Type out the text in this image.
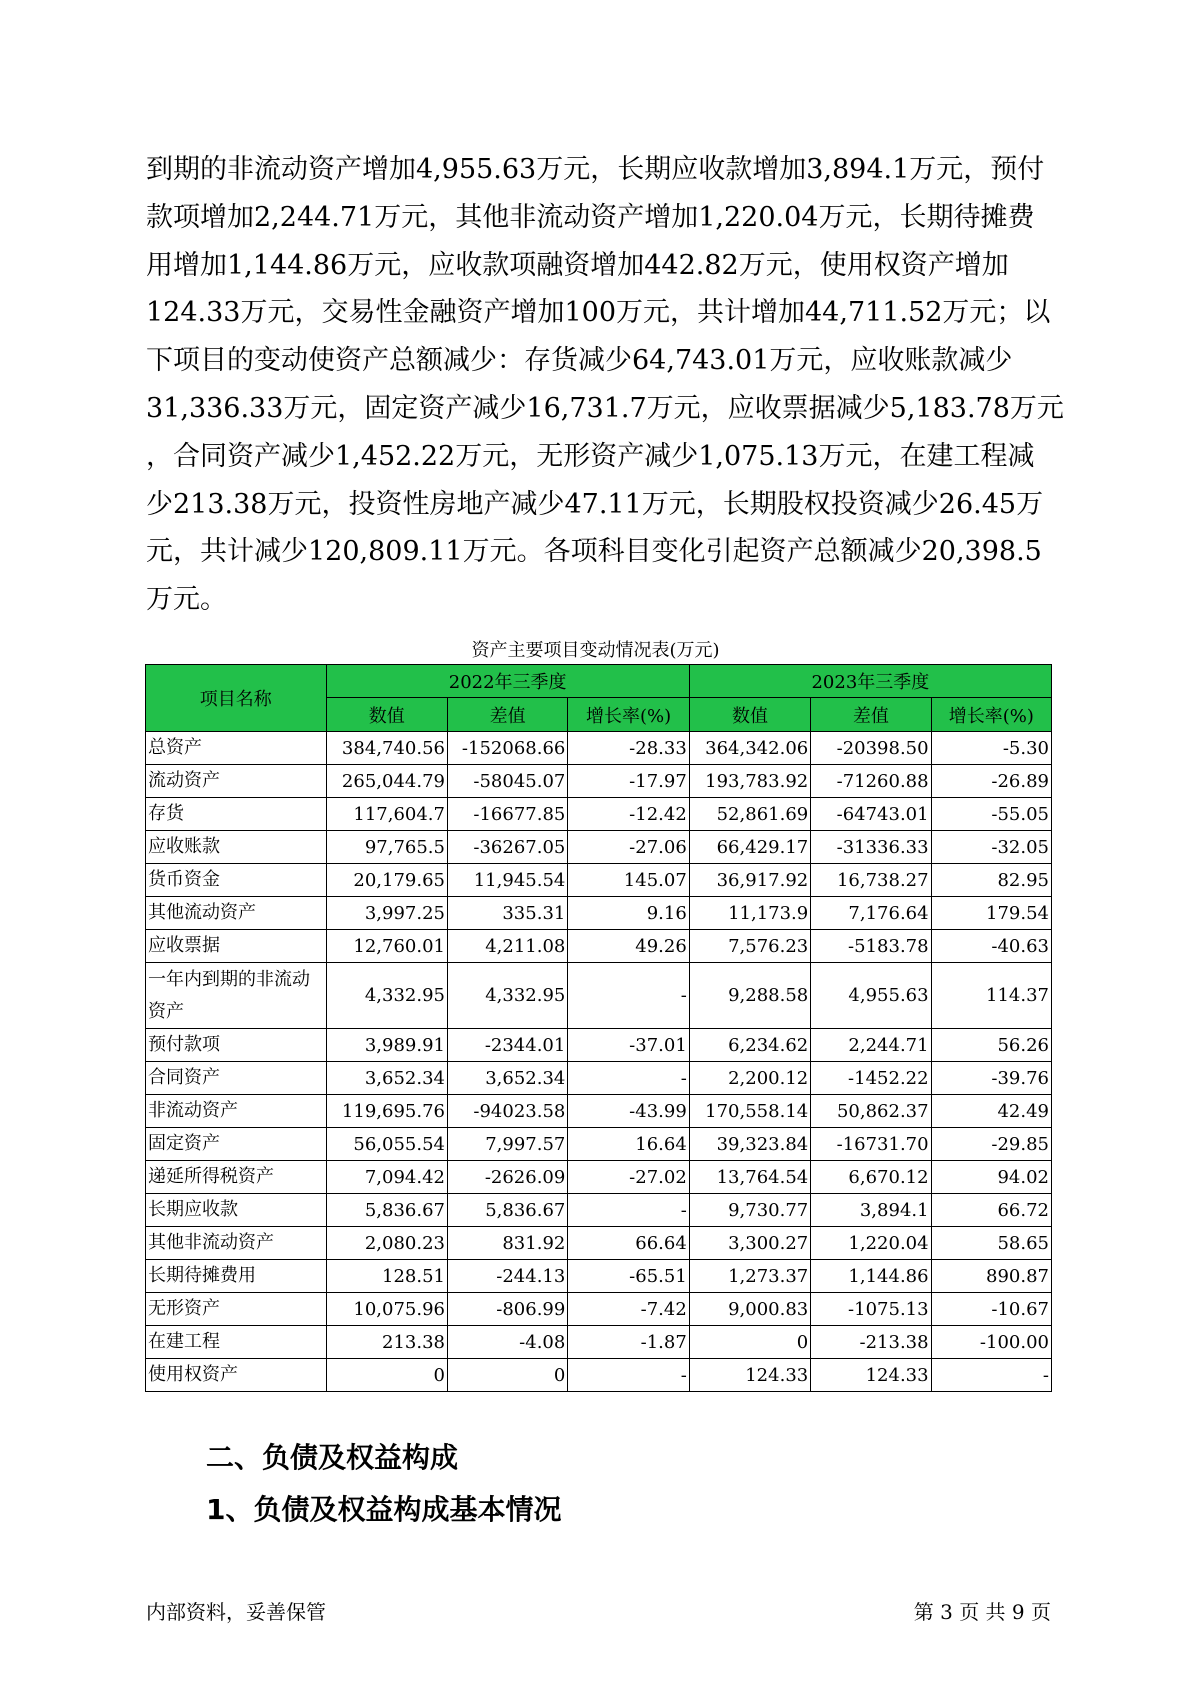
到期的非流动资产增加4,955.63万元，长期应收款增加3,894.1万元，预付
款项增加2,244.71万元，其他非流动资产增加1,220.04万元，长期待摊费
用增加1,144.86万元，应收款项融资增加442.82万元，使用权资产增加
124.33万元，交易性金融资产增加100万元，共计增加44,711.52万元；以
下项目的变动使资产总额减少：存货减少64,743.01万元，应收账款减少
31,336.33万元，固定资产减少16,731.7万元，应收票据减少5,183.78万元
，合同资产减少1,452.22万元，无形资产减少1,075.13万元，在建工程减
少213.38万元，投资性房地产减少47.11万元，长期股权投资减少26.45万
元，共计减少120,809.11万元。各项科目变化引起资产总额减少20,398.5
万元。
资产主要项目变动情况表(万元)
项目名称	2022年三季度			2023年三季度		
	数值	差值	增长率(%)	数值	差值	增长率(%)
总资产	384,740.56	-152068.66	-28.33	364,342.06	-20398.50	-5.30
流动资产	265,044.79	-58045.07	-17.97	193,783.92	-71260.88	-26.89
存货	117,604.7	-16677.85	-12.42	52,861.69	-64743.01	-55.05
应收账款	97,765.5	-36267.05	-27.06	66,429.17	-31336.33	-32.05
货币资金	20,179.65	11,945.54	145.07	36,917.92	16,738.27	82.95
其他流动资产	3,997.25	335.31	9.16	11,173.9	7,176.64	179.54
应收票据	12,760.01	4,211.08	49.26	7,576.23	-5183.78	-40.63
一年内到期的非流动资产	4,332.95	4,332.95	-	9,288.58	4,955.63	114.37
预付款项	3,989.91	-2344.01	-37.01	6,234.62	2,244.71	56.26
合同资产	3,652.34	3,652.34	-	2,200.12	-1452.22	-39.76
非流动资产	119,695.76	-94023.58	-43.99	170,558.14	50,862.37	42.49
固定资产	56,055.54	7,997.57	16.64	39,323.84	-16731.70	-29.85
递延所得税资产	7,094.42	-2626.09	-27.02	13,764.54	6,670.12	94.02
长期应收款	5,836.67	5,836.67	-	9,730.77	3,894.1	66.72
其他非流动资产	2,080.23	831.92	66.64	3,300.27	1,220.04	58.65
长期待摊费用	128.51	-244.13	-65.51	1,273.37	1,144.86	890.87
无形资产	10,075.96	-806.99	-7.42	9,000.83	-1075.13	-10.67
在建工程	213.38	-4.08	-1.87	0	-213.38	-100.00
使用权资产	0	0	-	124.33	124.33	-
二、负债及权益构成
1、负债及权益构成基本情况
内部资料，妥善保管	第 3 页 共 9 页
